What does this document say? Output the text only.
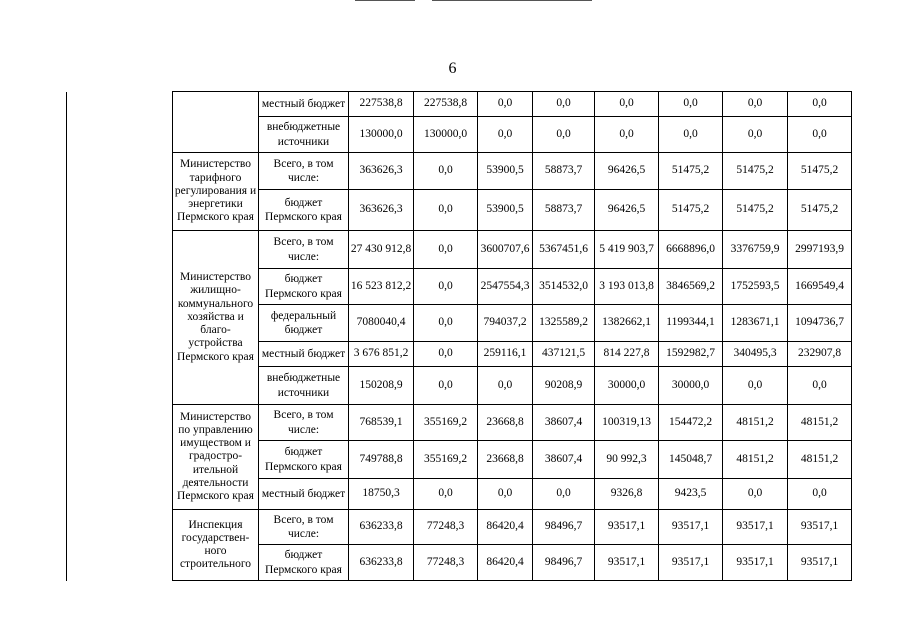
6
		местный бюджет	227538,8	227538,8	0,0	0,0	0,0	0,0	0,0	0,0
		внебюджетные источники	130000,0	130000,0	0,0	0,0	0,0	0,0	0,0	0,0
	Министерство тарифного регулирования и энергетики Пермского края	Всего, в том числе:	363626,3	0,0	53900,5	58873,7	96426,5	51475,2	51475,2	51475,2
		бюджет Пермского края	363626,3	0,0	53900,5	58873,7	96426,5	51475,2	51475,2	51475,2
	Министерство жилищно-коммунального хозяйства и благо-устройства Пермского края	Всего, в том числе:	27 430 912,8	0,0	3600707,6	5367451,6	5 419 903,7	6668896,0	3376759,9	2997193,9
		бюджет Пермского края	16 523 812,2	0,0	2547554,3	3514532,0	3 193 013,8	3846569,2	1752593,5	1669549,4
		федеральный бюджет	7080040,4	0,0	794037,2	1325589,2	1382662,1	1199344,1	1283671,1	1094736,7
		местный бюджет	3 676 851,2	0,0	259116,1	437121,5	814 227,8	1592982,7	340495,3	232907,8
		внебюджетные источники	150208,9	0,0	0,0	90208,9	30000,0	30000,0	0,0	0,0
	Министерство по управлению имуществом и градостро-ительной деятельности Пермского края	Всего, в том числе:	768539,1	355169,2	23668,8	38607,4	100319,13	154472,2	48151,2	48151,2
		бюджет Пермского края	749788,8	355169,2	23668,8	38607,4	90 992,3	145048,7	48151,2	48151,2
		местный бюджет	18750,3	0,0	0,0	0,0	9326,8	9423,5	0,0	0,0
	Инспекция государствен-ного строительного	Всего, в том числе:	636233,8	77248,3	86420,4	98496,7	93517,1	93517,1	93517,1	93517,1
		бюджет Пермского края	636233,8	77248,3	86420,4	98496,7	93517,1	93517,1	93517,1	93517,1
